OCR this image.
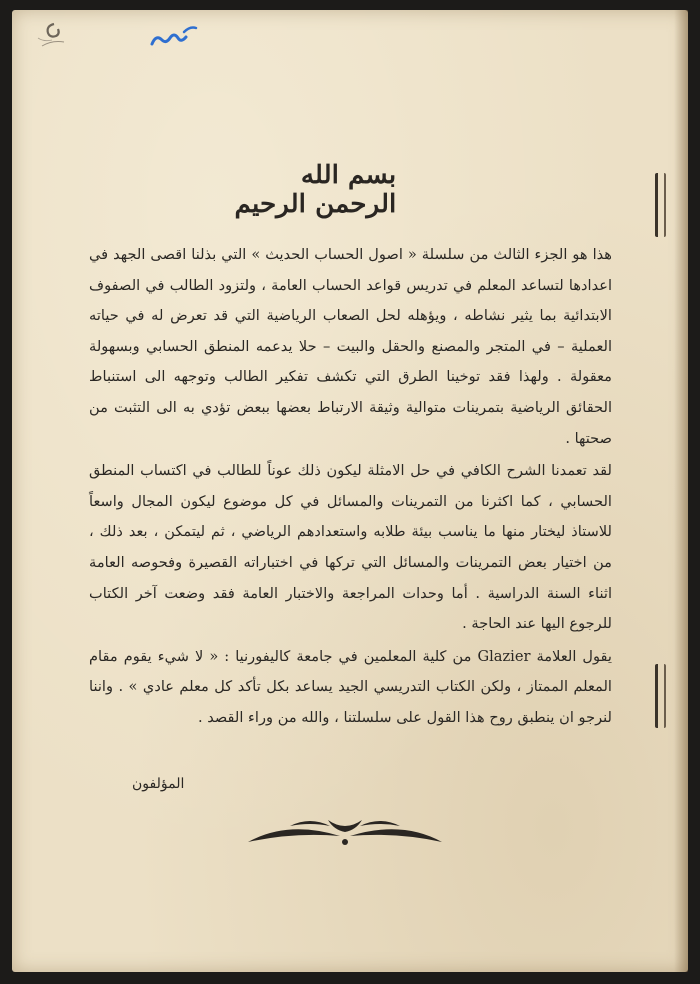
بسم الله الرحمن الرحيم

هذا هو الجزء الثالث من سلسلة « اصول الحساب الحديث » التي بذلنا اقصى الجهد في اعدادها لتساعد المعلم في تدريس قواعد الحساب العامة ، ولتزود الطالب في الصفوف الابتدائية بما يثير نشاطه ، ويؤهله لحل الصعاب الرياضية التي قد تعرض له في حياته العملية – في المتجر والمصنع والحقل والبيت – حلا يدعمه المنطق الحسابي وبسهولة معقولة . ولهذا فقد توخينا الطرق التي تكشف تفكير الطالب وتوجهه الى استنباط الحقائق الرياضية بتمرينات متوالية وثيقة الارتباط بعضها ببعض تؤدي به الى التثبت من صحتها .

لقد تعمدنا الشرح الكافي في حل الامثلة ليكون ذلك عوناً للطالب في اكتساب المنطق الحسابي ، كما اكثرنا من التمرينات والمسائل في كل موضوع ليكون المجال واسعاً للاستاذ ليختار منها ما يناسب بيئة طلابه واستعدادهم الرياضي ، ثم ليتمكن ، بعد ذلك ، من اختيار بعض التمرينات والمسائل التي تركها في اختباراته القصيرة وفحوصه العامة اثناء السنة الدراسية . أما وحدات المراجعة والاختبار العامة فقد وضعت آخر الكتاب للرجوع اليها عند الحاجة .

يقول العلامة Glazier من كلية المعلمين في جامعة كاليفورنيا : « لا شيء يقوم مقام المعلم الممتاز ، ولكن الكتاب التدريسي الجيد يساعد بكل تأكد كل معلم عادي » . واننا لنرجو ان ينطبق روح هذا القول على سلسلتنا ، والله من وراء القصد .

المؤلفون
